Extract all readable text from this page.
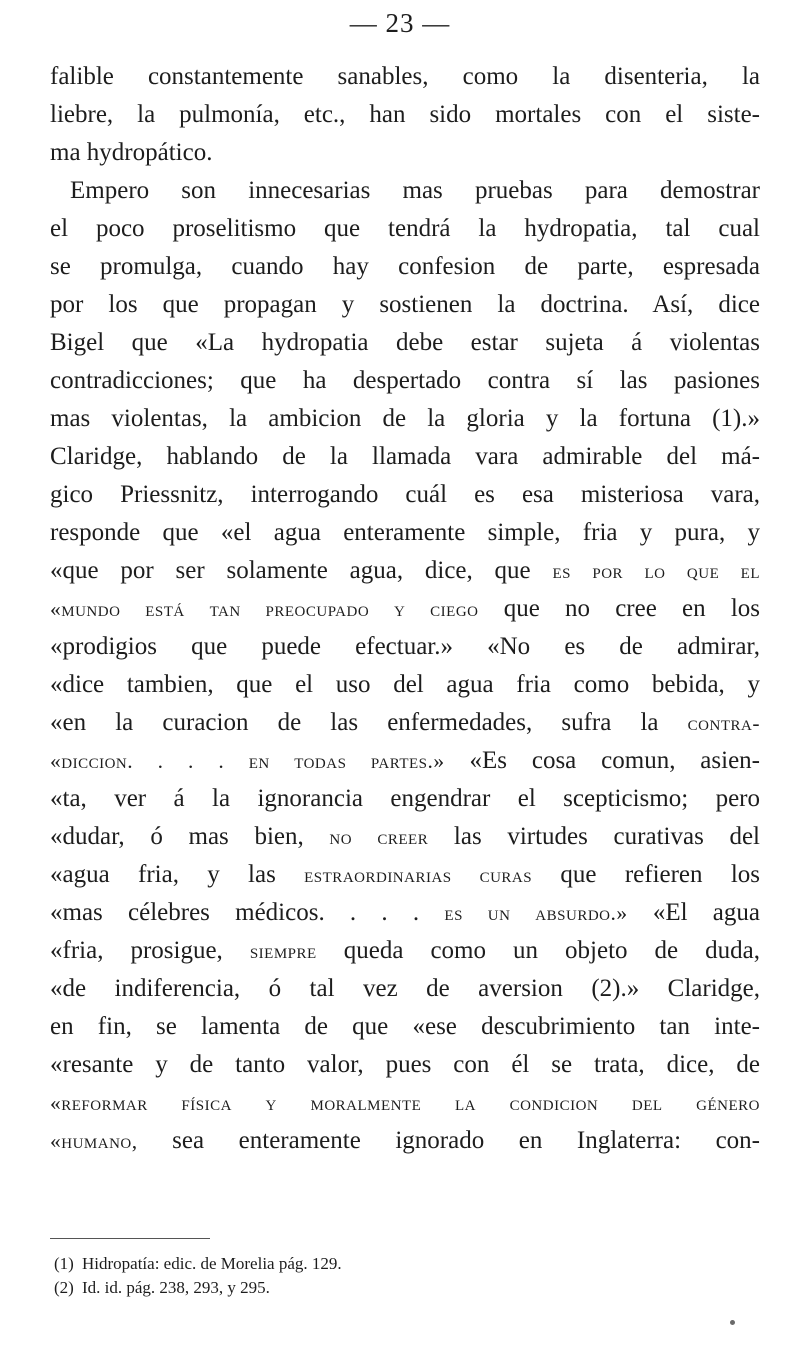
— 23 —
falible constantemente sanables, como la disenteria, la
liebre, la pulmonía, etc., han sido mortales con el siste-
ma hydropático.
Empero son innecesarias mas pruebas para demostrar
el poco proselitismo que tendrá la hydropatia, tal cual
se promulga, cuando hay confesion de parte, espresada
por los que propagan y sostienen la doctrina. Así, dice
Bigel que «La hydropatia debe estar sujeta á violentas
contradicciones; que ha despertado contra sí las pasiones
mas violentas, la ambicion de la gloria y la fortuna (1).»
Claridge, hablando de la llamada vara admirable del má-
gico Priessnitz, interrogando cuál es esa misteriosa vara,
responde que «el agua enteramente simple, fria y pura, y
«que por ser solamente agua, dice, que es por lo que el
«mundo está tan preocupado y ciego que no cree en los
«prodigios que puede efectuar.» «No es de admirar,
«dice tambien, que el uso del agua fria como bebida, y
«en la curacion de las enfermedades, sufra la contra-
«diccion. . . . en todas partes.» «Es cosa comun, asien-
«ta, ver á la ignorancia engendrar el scepticismo; pero
«dudar, ó mas bien, no creer las virtudes curativas del
«agua fria, y las estraordinarias curas que refieren los
«mas célebres médicos. . . . es un absurdo.» «El agua
«fria, prosigue, siempre queda como un objeto de duda,
«de indiferencia, ó tal vez de aversion (2).» Claridge,
en fin, se lamenta de que «ese descubrimiento tan inte-
«resante y de tanto valor, pues con él se trata, dice, de
«reformar física y moralmente la condicion del género
«humano, sea enteramente ignorado en Inglaterra: con-
(1) Hidropatía: edic. de Morelia pág. 129.
(2) Id. id. pág. 238, 293, y 295.
